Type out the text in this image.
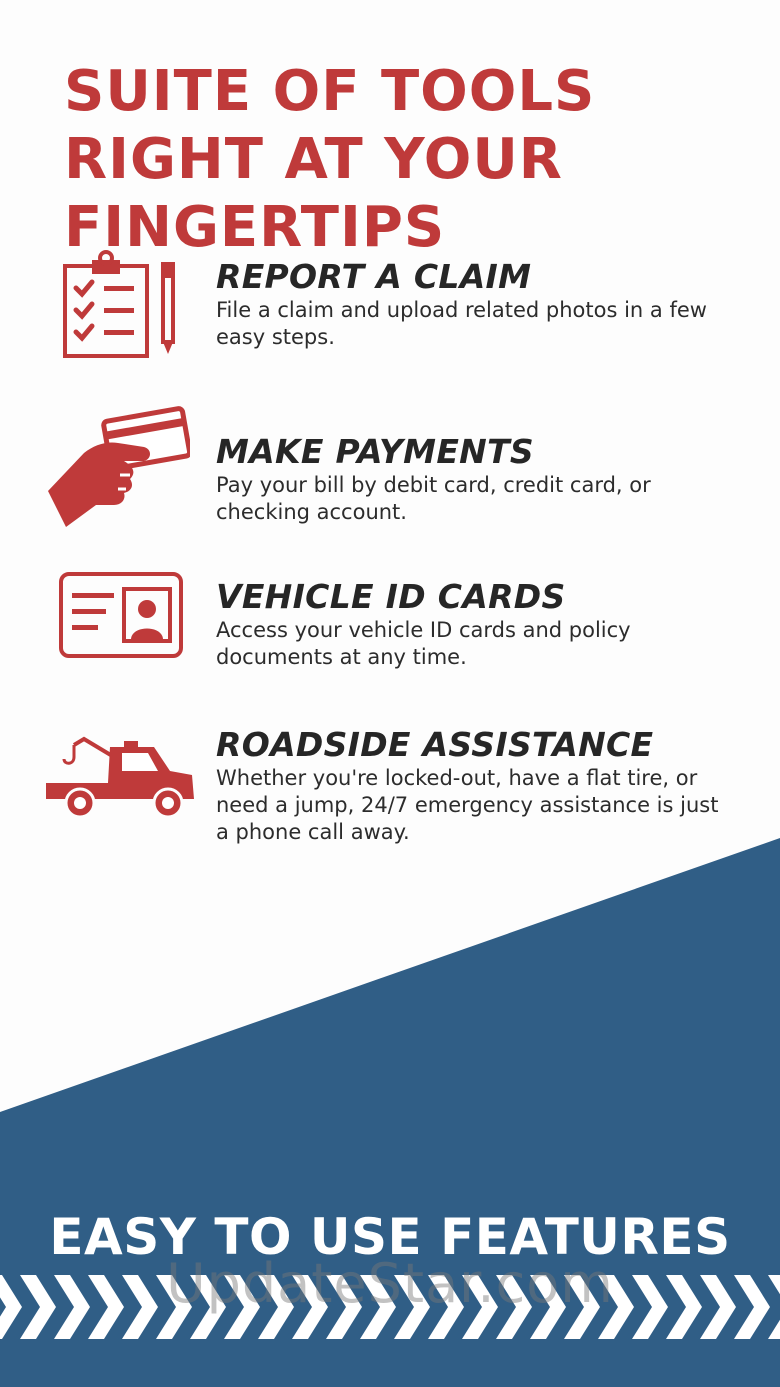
SUITE OF TOOLS RIGHT AT YOUR FINGERTIPS
REPORT A CLAIM

File a claim and upload related photos in a few easy steps.

MAKE PAYMENTS

Pay your bill by debit card, credit card, or checking account.

VEHICLE ID CARDS

Access your vehicle ID cards and policy documents at any time.

ROADSIDE ASSISTANCE

Whether you're locked-out, have a flat tire, or need a jump, 24/7 emergency assistance is just a phone call away.

EASY TO USE FEATURES

UpdateStar.com
